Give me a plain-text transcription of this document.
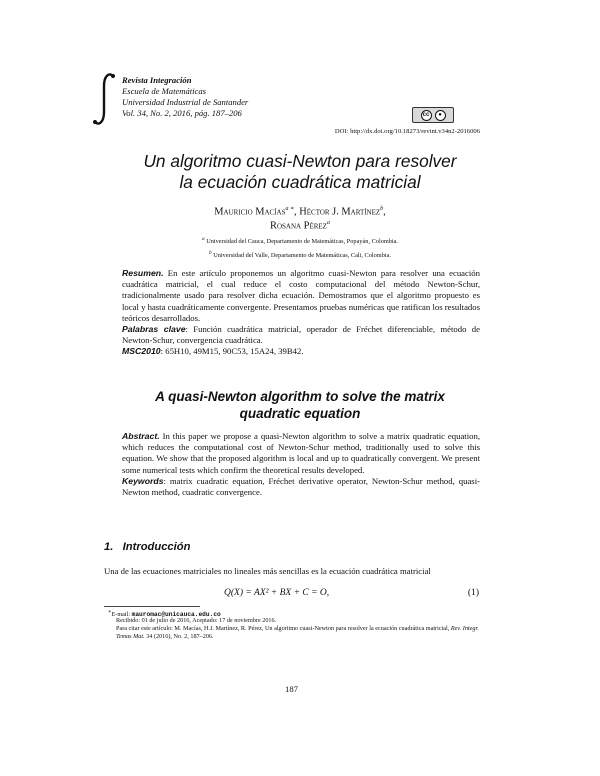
Revista Integración
Escuela de Matemáticas
Universidad Industrial de Santander
Vol. 34, No. 2, 2016, pág. 187–206	cc	●
DOI: http://dx.doi.org/10.18273/revint.v34n2-2016006
Un algoritmo cuasi-Newton para resolver
la ecuación cuadrática matricial
Mauricio Macías$^{a ∗}$, Héctor J. Martínez$^b$,
Rosana Pérez$^a$
$^a$ Universidad del Cauca, Departamento de Matemáticas, Popayán, Colombia.
$^b$ Universidad del Valle, Departamento de Matemáticas, Cali, Colombia.
Resumen. En este artículo proponemos un algoritmo cuasi-Newton para resolver una ecuación cuadrática matricial, el cual reduce el costo computacional del método Newton-Schur, tradicionalmente usado para resolver dicha ecuación. Demostramos que el algoritmo propuesto es local y hasta cuadráticamente convergente. Presentamos pruebas numéricas que ratifican los resultados teóricos desarrollados.
Palabras clave: Función cuadrática matricial, operador de Fréchet diferenciable, método de Newton-Schur, convergencia cuadrática.
MSC2010: 65H10, 49M15, 90C53, 15A24, 39B42.
A quasi-Newton algorithm to solve the matrix
quadratic equation
Abstract. In this paper we propose a quasi-Newton algorithm to solve a matrix quadratic equation, which reduces the computational cost of Newton-Schur method, traditionally used to solve this equation. We show that the proposed algorithm is local and up to quadratically convergent. We present some numerical tests which confirm the theoretical results developed.
Keywords: matrix cuadratic equation, Fréchet derivative operator, Newton-Schur method, quasi-Newton method, cuadratic convergence.
1. Introducción
Una de las ecuaciones matriciales no lineales más sencillas es la ecuación cuadrática matricial
Q(X) = AX² + BX + C = O,	(1)
∗E-mail: mauromac@unicauca.edu.co
Recibido: 01 de julio de 2016, Aceptado: 17 de noviembre 2016.
Para citar este artículo: M. Macías, H.J. Martínez, R. Pérez, Un algoritmo cuasi-Newton para resolver la ecuación cuadrática matricial, Rev. Integr. Temas Mat. 34 (2016), No. 2, 187–206.
187
